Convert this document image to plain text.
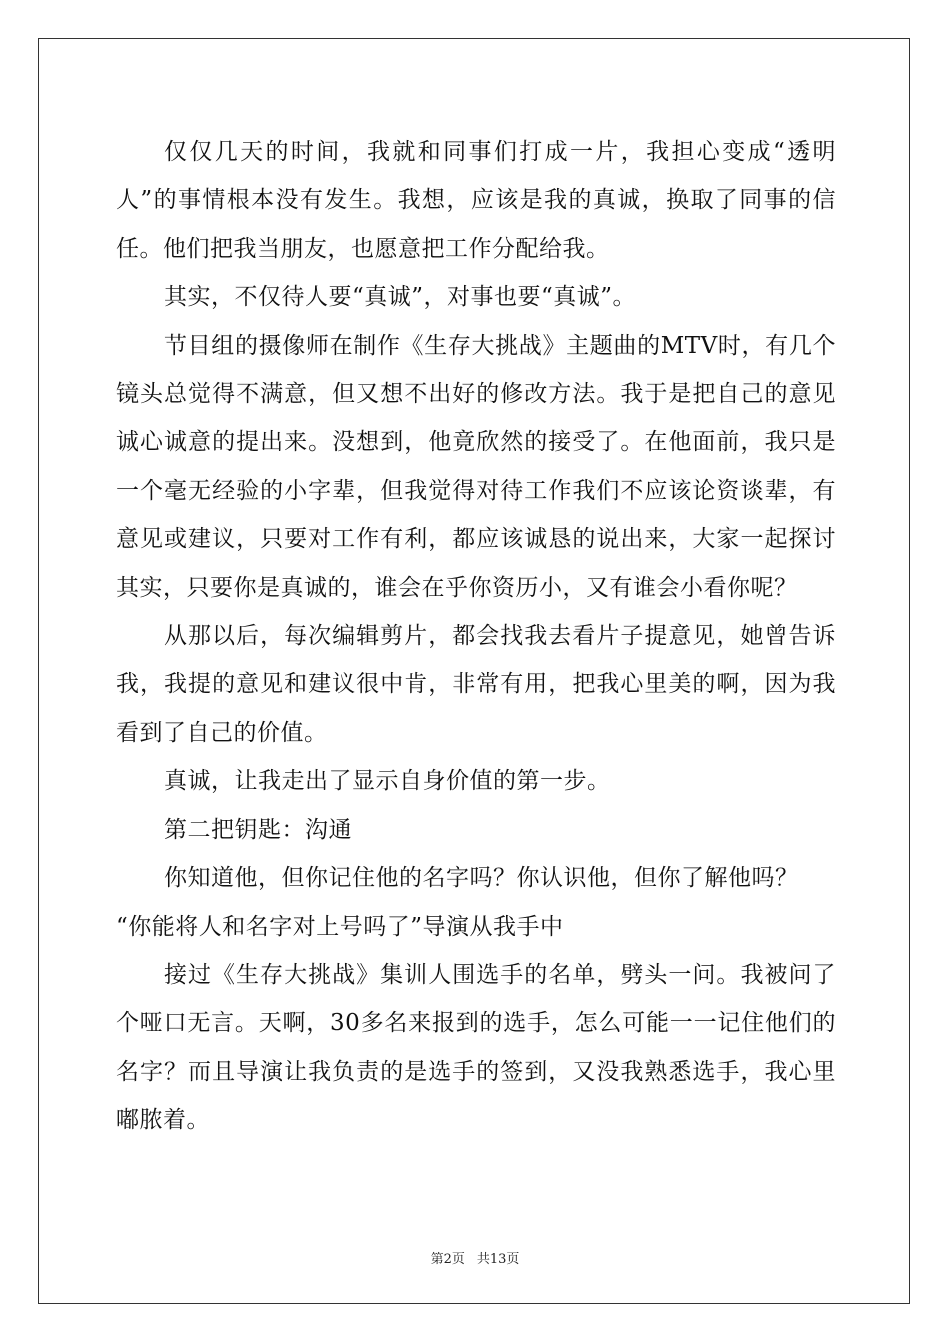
仅仅几天的时间，我就和同事们打成一片，我担心变成“透明人”的事情根本没有发生。我想，应该是我的真诚，换取了同事的信任。他们把我当朋友，也愿意把工作分配给我。

其实，不仅待人要“真诚”，对事也要“真诚”。

节目组的摄像师在制作《生存大挑战》主题曲的MTV时，有几个镜头总觉得不满意，但又想不出好的修改方法。我于是把自己的意见诚心诚意的提出来。没想到，他竟欣然的接受了。在他面前，我只是一个毫无经验的小字辈，但我觉得对待工作我们不应该论资谈辈，有意见或建议，只要对工作有利，都应该诚恳的说出来，大家一起探讨其实，只要你是真诚的，谁会在乎你资历小，又有谁会小看你呢？

从那以后，每次编辑剪片，都会找我去看片子提意见，她曾告诉我，我提的意见和建议很中肯，非常有用，把我心里美的啊，因为我看到了自己的价值。

真诚，让我走出了显示自身价值的第一步。

第二把钥匙：沟通

你知道他，但你记住他的名字吗？你认识他，但你了解他吗？

“你能将人和名字对上号吗了”导演从我手中

接过《生存大挑战》集训人围选手的名单，劈头一问。我被问了个哑口无言。天啊，30多名来报到的选手，怎么可能一一记住他们的名字？而且导演让我负责的是选手的签到，又没我熟悉选手，我心里嘟脓着。

第2页 共13页
